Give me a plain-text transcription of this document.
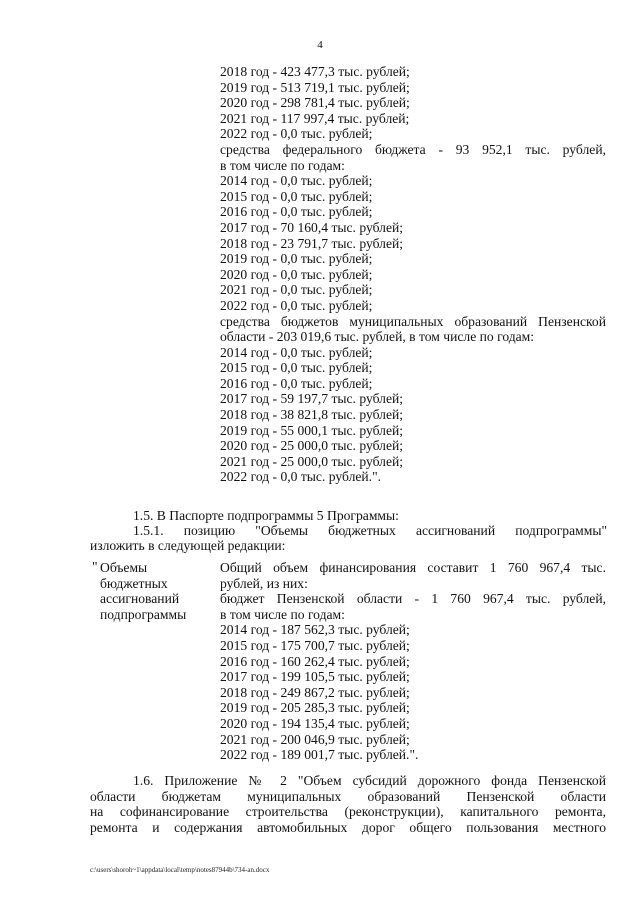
4
2018 год - 423 477,3 тыс. рублей;
2019 год - 513 719,1 тыс. рублей;
2020 год - 298 781,4 тыс. рублей;
2021 год - 117 997,4 тыс. рублей;
2022 год - 0,0 тыс. рублей;
средства федерального бюджета - 93 952,1 тыс. рублей,
в том числе по годам:
2014 год - 0,0 тыс. рублей;
2015 год - 0,0 тыс. рублей;
2016 год - 0,0 тыс. рублей;
2017 год - 70 160,4 тыс. рублей;
2018 год - 23 791,7 тыс. рублей;
2019 год - 0,0 тыс. рублей;
2020 год - 0,0 тыс. рублей;
2021 год - 0,0 тыс. рублей;
2022 год - 0,0 тыс. рублей;
средства бюджетов муниципальных образований Пензенской
области - 203 019,6 тыс. рублей, в том числе по годам:
2014 год - 0,0 тыс. рублей;
2015 год - 0,0 тыс. рублей;
2016 год - 0,0 тыс. рублей;
2017 год - 59 197,7 тыс. рублей;
2018 год - 38 821,8 тыс. рублей;
2019 год - 55 000,1 тыс. рублей;
2020 год - 25 000,0 тыс. рублей;
2021 год - 25 000,0 тыс. рублей;
2022 год - 0,0 тыс. рублей.".
1.5. В Паспорте подпрограммы 5 Программы:
1.5.1. позицию "Объемы бюджетных ассигнований подпрограммы"
изложить в следующей редакции:
" Объемы
бюджетных
ассигнований
подпрограммы
Общий объем финансирования составит 1 760 967,4 тыс.
рублей, из них:
бюджет Пензенской области - 1 760 967,4 тыс. рублей,
в том числе по годам:
2014 год - 187 562,3 тыс. рублей;
2015 год - 175 700,7 тыс. рублей;
2016 год - 160 262,4 тыс. рублей;
2017 год - 199 105,5 тыс. рублей;
2018 год - 249 867,2 тыс. рублей;
2019 год - 205 285,3 тыс. рублей;
2020 год - 194 135,4 тыс. рублей;
2021 год - 200 046,9 тыс. рублей;
2022 год - 189 001,7 тыс. рублей.".
1.6. Приложение № 2 "Объем субсидий дорожного фонда Пензенской
области бюджетам муниципальных образований Пензенской области
на софинансирование строительства (реконструкции), капитального ремонта,
ремонта и содержания автомобильных дорог общего пользования местного
c:\users\shoroh~1\appdata\local\temp\notes87944b\734-an.docx
